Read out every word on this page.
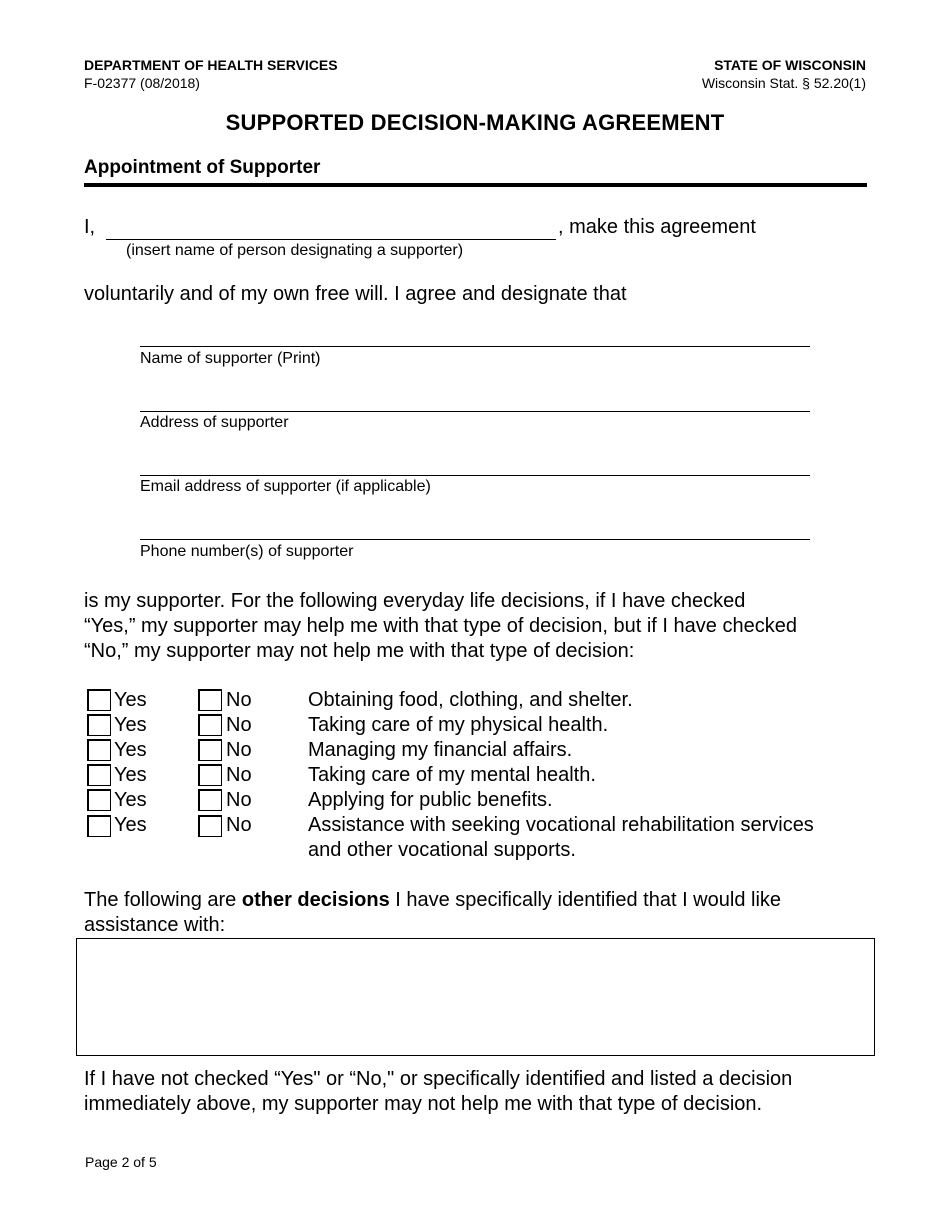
DEPARTMENT OF HEALTH SERVICES
F-02377 (08/2018)
STATE OF WISCONSIN
Wisconsin Stat. § 52.20(1)
SUPPORTED DECISION-MAKING AGREEMENT
Appointment of Supporter
I,	, make this agreement
(insert name of person designating a supporter)
voluntarily and of my own free will. I agree and designate that
Name of supporter (Print)
Address of supporter
Email address of supporter (if applicable)
Phone number(s) of supporter
is my supporter. For the following everyday life decisions, if I have checked
“Yes,” my supporter may help me with that type of decision, but if I have checked
“No,” my supporter may not help me with that type of decision:
Yes	No	Obtaining food, clothing, and shelter.
Yes	No	Taking care of my physical health.
Yes	No	Managing my financial affairs.
Yes	No	Taking care of my mental health.
Yes	No	Applying for public benefits.
Yes	No	Assistance with seeking vocational rehabilitation services
and other vocational supports.
The following are other decisions I have specifically identified that I would like
assistance with:
If I have not checked “Yes" or “No," or specifically identified and listed a decision
immediately above, my supporter may not help me with that type of decision.
Page 2 of 5
